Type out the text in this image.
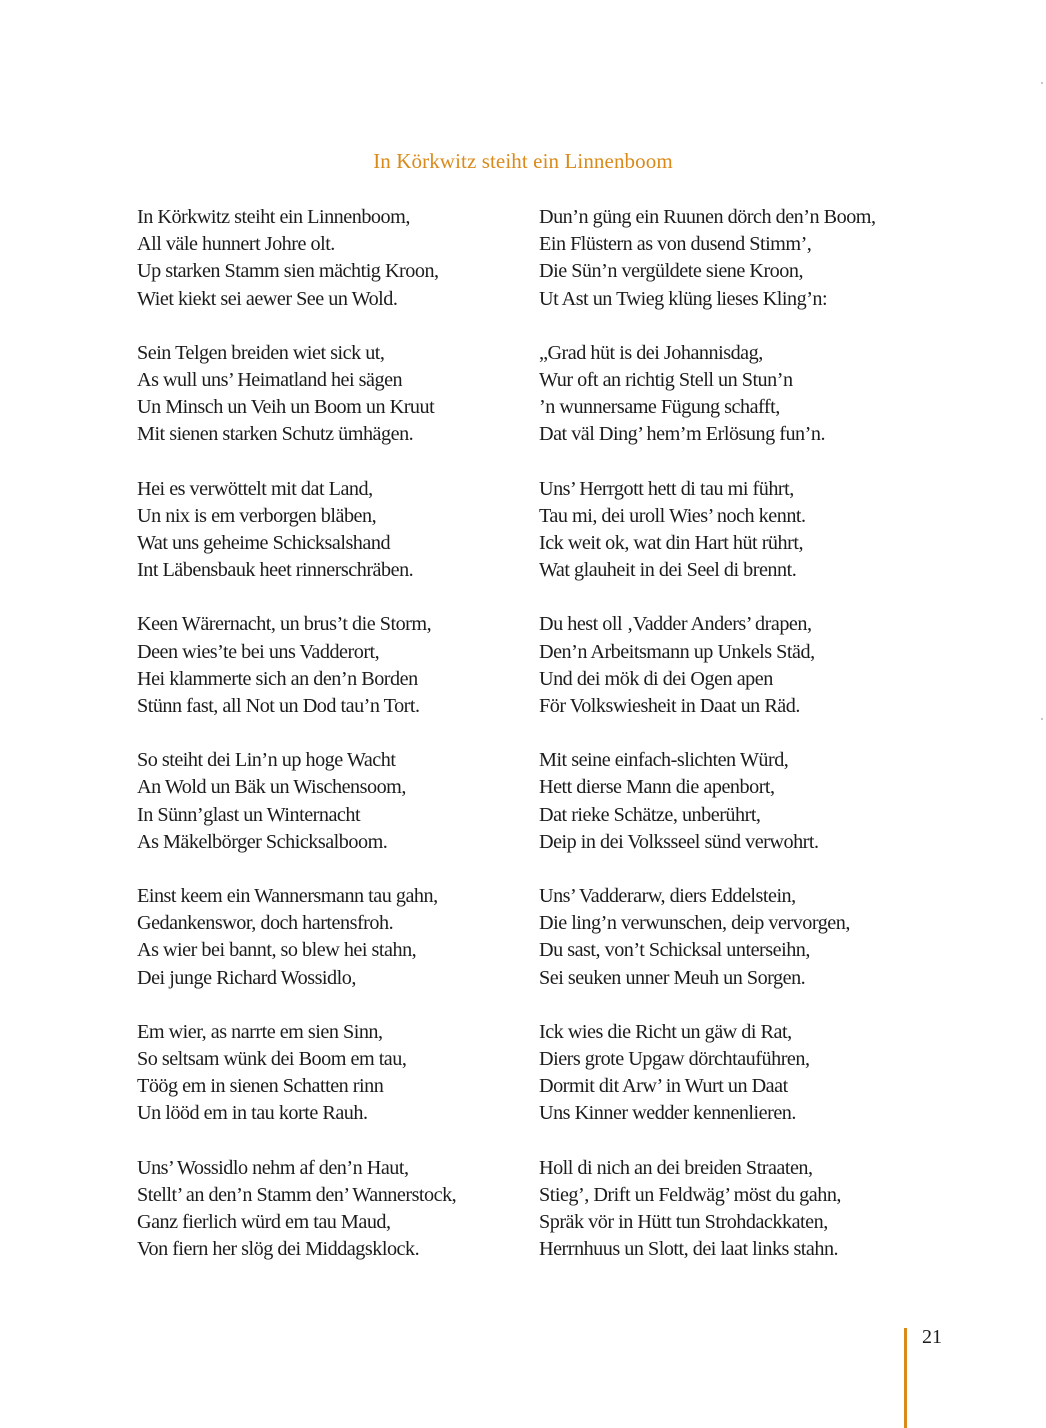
In Körkwitz steiht ein Linnenboom
In Körkwitz steiht ein Linnenboom,
All väle hunnert Johre olt.
Up starken Stamm sien mächtig Kroon,
Wiet kiekt sei aewer See un Wold.
Sein Telgen breiden wiet sick ut,
As wull uns’ Heimatland hei sägen
Un Minsch un Veih un Boom un Kruut
Mit sienen starken Schutz ümhägen.
Hei es verwöttelt mit dat Land,
Un nix is em verborgen bläben,
Wat uns geheime Schicksalshand
Int Läbensbauk heet rinnerschräben.
Keen Wärernacht, un brus’t die Storm,
Deen wies’te bei uns Vadderort,
Hei klammerte sich an den’n Borden
Stünn fast, all Not un Dod tau’n Tort.
So steiht dei Lin’n up hoge Wacht
An Wold un Bäk un Wischensoom,
In Sünn’glast un Winternacht
As Mäkelbörger Schicksalboom.
Einst keem ein Wannersmann tau gahn,
Gedankenswor, doch hartensfroh.
As wier bei bannt, so blew hei stahn,
Dei junge Richard Wossidlo,
Em wier, as narrte em sien Sinn,
So seltsam wünk dei Boom em tau,
Töög em in sienen Schatten rinn
Un lööd em in tau korte Rauh.
Uns’ Wossidlo nehm af den’n Haut,
Stellt’ an den’n Stamm den’ Wannerstock,
Ganz fierlich würd em tau Maud,
Von fiern her slög dei Middagsklock.
Dun’n güng ein Ruunen dörch den’n Boom,
Ein Flüstern as von dusend Stimm’,
Die Sün’n vergüldete siene Kroon,
Ut Ast un Twieg klüng lieses Kling’n:
„Grad hüt is dei Johannisdag,
Wur oft an richtig Stell un Stun’n
’n wunnersame Fügung schafft,
Dat väl Ding’ hem’m Erlösung fun’n.
Uns’ Herrgott hett di tau mi führt,
Tau mi, dei uroll Wies’ noch kennt.
Ick weit ok, wat din Hart hüt rührt,
Wat glauheit in dei Seel di brennt.
Du hest oll ‚Vadder Anders’ drapen,
Den’n Arbeitsmann up Unkels Städ,
Und dei mök di dei Ogen apen
För Volkswiesheit in Daat un Räd.
Mit seine einfach-slichten Würd,
Hett dierse Mann die apenbort,
Dat rieke Schätze, unberührt,
Deip in dei Volksseel sünd verwohrt.
Uns’ Vadderarw, diers Eddelstein,
Die ling’n verwunschen, deip vervorgen,
Du sast, von’t Schicksal unterseihn,
Sei seuken unner Meuh un Sorgen.
Ick wies die Richt un gäw di Rat,
Diers grote Upgaw dörchtauführen,
Dormit dit Arw’ in Wurt un Daat
Uns Kinner wedder kennenlieren.
Holl di nich an dei breiden Straaten,
Stieg’, Drift un Feldwäg’ möst du gahn,
Spräk vör in Hütt tun Strohdackkaten,
Herrnhuus un Slott, dei laat links stahn.
21
